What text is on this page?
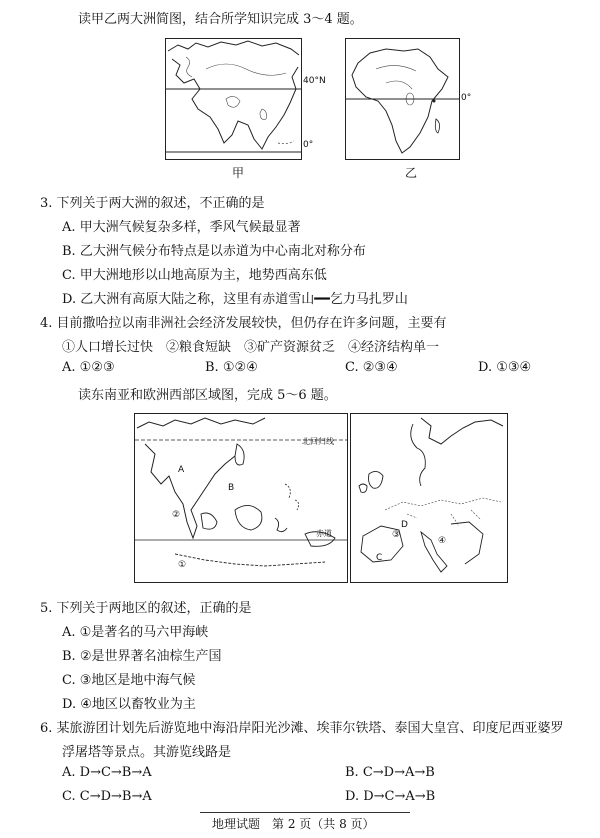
读甲乙两大洲简图，结合所学知识完成 3～4 题。
40°N
0°
甲
0°
乙
3. 下列关于两大洲的叙述，不正确的是
A. 甲大洲气候复杂多样，季风气候最显著
B. 乙大洲气候分布特点是以赤道为中心南北对称分布
C. 甲大洲地形以山地高原为主，地势西高东低
D. 乙大洲有高原大陆之称，这里有赤道雪山━━乞力马扎罗山
4. 目前撒哈拉以南非洲社会经济发展较快，但仍存在许多问题，主要有
①人口增长过快　②粮食短缺　③矿产资源贫乏　④经济结构单一
A. ①②③	B. ①②④	C. ②③④	D. ①③④
读东南亚和欧洲西部区域图，完成 5～6 题。
北回归线
赤道
A
B
②
①
D
C
③
④
5. 下列关于两地区的叙述，正确的是
A. ①是著名的马六甲海峡
B. ②是世界著名油棕生产国
C. ③地区是地中海气候
D. ④地区以畜牧业为主
6. 某旅游团计划先后游览地中海沿岸阳光沙滩、埃菲尔铁塔、泰国大皇宫、印度尼西亚婆罗
浮屠塔等景点。其游览线路是
A. D→C→B→A	B. C→D→A→B
C. C→D→B→A	D. D→C→A→B
地理试题　第 2 页（共 8 页）
